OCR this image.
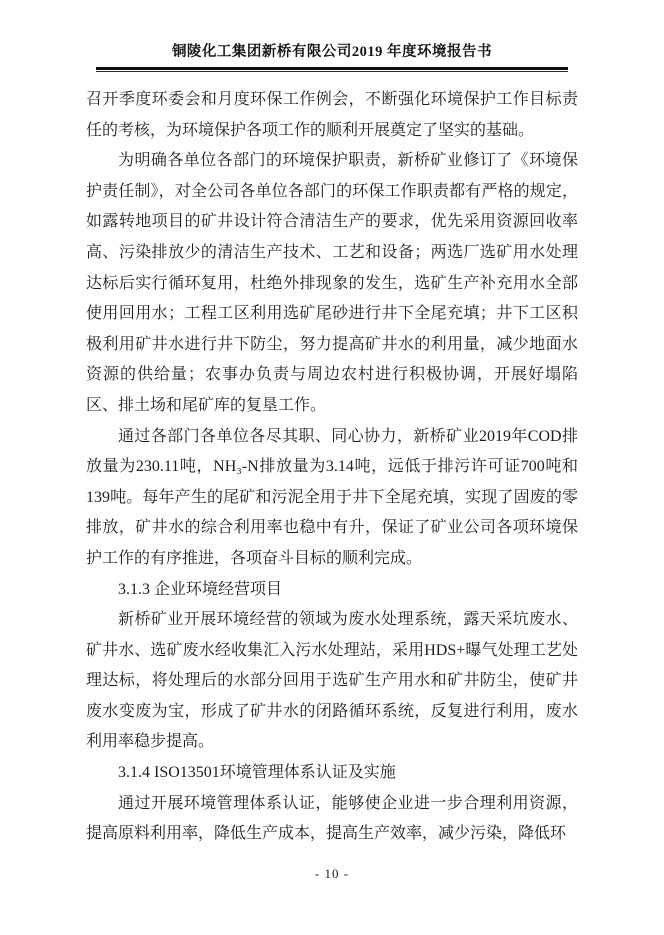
铜陵化工集团新桥有限公司2019 年度环境报告书

召开季度环委会和月度环保工作例会，不断强化环境保护工作目标责任的考核，为环境保护各项工作的顺利开展奠定了坚实的基础。

为明确各单位各部门的环境保护职责，新桥矿业修订了《环境保护责任制》，对全公司各单位各部门的环保工作职责都有严格的规定，如露转地项目的矿井设计符合清洁生产的要求，优先采用资源回收率高、污染排放少的清洁生产技术、工艺和设备；两选厂选矿用水处理达标后实行循环复用，杜绝外排现象的发生，选矿生产补充用水全部使用回用水；工程工区利用选矿尾砂进行井下全尾充填；井下工区积极利用矿井水进行井下防尘，努力提高矿井水的利用量，减少地面水资源的供给量；农事办负责与周边农村进行积极协调，开展好塌陷区、排土场和尾矿库的复垦工作。

通过各部门各单位各尽其职、同心协力，新桥矿业2019年COD排放量为230.11吨，NH₃-N排放量为3.14吨，远低于排污许可证700吨和139吨。每年产生的尾矿和污泥全用于井下全尾充填，实现了固废的零排放，矿井水的综合利用率也稳中有升，保证了矿业公司各项环境保护工作的有序推进，各项奋斗目标的顺利完成。

3.1.3 企业环境经营项目

新桥矿业开展环境经营的领域为废水处理系统，露天采坑废水、矿井水、选矿废水经收集汇入污水处理站，采用HDS+曝气处理工艺处理达标，将处理后的水部分回用于选矿生产用水和矿井防尘，使矿井废水变废为宝，形成了矿井水的闭路循环系统，反复进行利用，废水利用率稳步提高。

3.1.4 ISO13501环境管理体系认证及实施

通过开展环境管理体系认证，能够使企业进一步合理利用资源，提高原料利用率，降低生产成本，提高生产效率，减少污染，降低环

- 10 -
